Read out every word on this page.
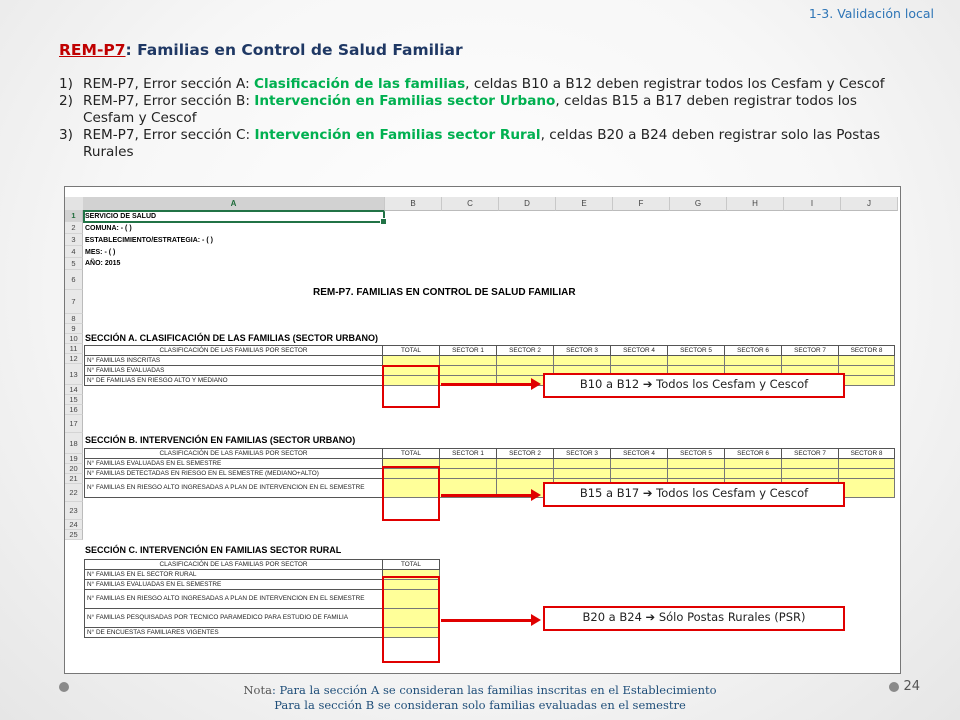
1-3. Validación local
REM-P7: Familias en Control de Salud Familiar
1) REM-P7, Error sección A: Clasificación de las familias, celdas B10 a B12 deben registrar todos los Cesfam y Cescof
2) REM-P7, Error sección B: Intervención en Familias sector Urbano, celdas B15 a B17 deben registrar todos los Cesfam y Cescof
3) REM-P7, Error sección C: Intervención en Familias sector Rural, celdas B20 a B24 deben registrar solo las Postas Rurales
SERVICIO DE SALUD
COMUNA: - ( )
ESTABLECIMIENTO/ESTRATEGIA: - ( )
MES: - ( )
AÑO: 2015
REM-P7. FAMILIAS EN CONTROL DE SALUD FAMILIAR
SECCIÓN A. CLASIFICACIÓN DE LAS FAMILIAS (SECTOR URBANO)
CLASIFICACIÓN DE LAS FAMILIAS POR SECTOR	TOTAL	SECTOR 1	SECTOR 2	SECTOR 3	SECTOR 4	SECTOR 5	SECTOR 6	SECTOR 7	SECTOR 8
N° FAMILIAS INSCRITAS									
N° FAMILIAS EVALUADAS									
N° DE FAMILIAS EN RIESGO ALTO Y MEDIANO									
SECCIÓN B. INTERVENCIÓN EN FAMILIAS (SECTOR URBANO)
CLASIFICACIÓN DE LAS FAMILIAS POR SECTOR	TOTAL	SECTOR 1	SECTOR 2	SECTOR 3	SECTOR 4	SECTOR 5	SECTOR 6	SECTOR 7	SECTOR 8
N° FAMILIAS EVALUADAS EN EL SEMESTRE									
N° FAMILIAS DETECTADAS EN RIESGO EN EL SEMESTRE (MEDIANO+ALTO)									
N° FAMILIAS EN RIESGO ALTO INGRESADAS A PLAN DE INTERVENCION EN EL SEMESTRE									
SECCIÓN C. INTERVENCIÓN EN FAMILIAS SECTOR RURAL
CLASIFICACIÓN DE LAS FAMILIAS POR SECTOR	TOTAL
N° FAMILIAS EN EL SECTOR RURAL	
N° FAMILIAS EVALUADAS EN EL SEMESTRE	
N° FAMILIAS EN RIESGO ALTO INGRESADAS A PLAN DE INTERVENCION EN EL SEMESTRE	
N° FAMILIAS PESQUISADAS POR TECNICO PARAMEDICO PARA ESTUDIO DE FAMILIA	
N° DE ENCUESTAS FAMILIARES VIGENTES	
A	B	C	D	E	F	G	H	I	J
1
2
3
4
5
6
7
8
9
10
11
12
13
14
15
16
17
18
19
20
21
22
23
24
25
B10 a B12 ➔ Todos los Cesfam y Cescof
B15 a B17 ➔ Todos los Cesfam y Cescof
B20 a B24 ➔ Sólo Postas Rurales (PSR)
24
Nota: Para la sección A se consideran las familias inscritas en el Establecimiento
Para la sección B se consideran solo familias evaluadas en el semestre
